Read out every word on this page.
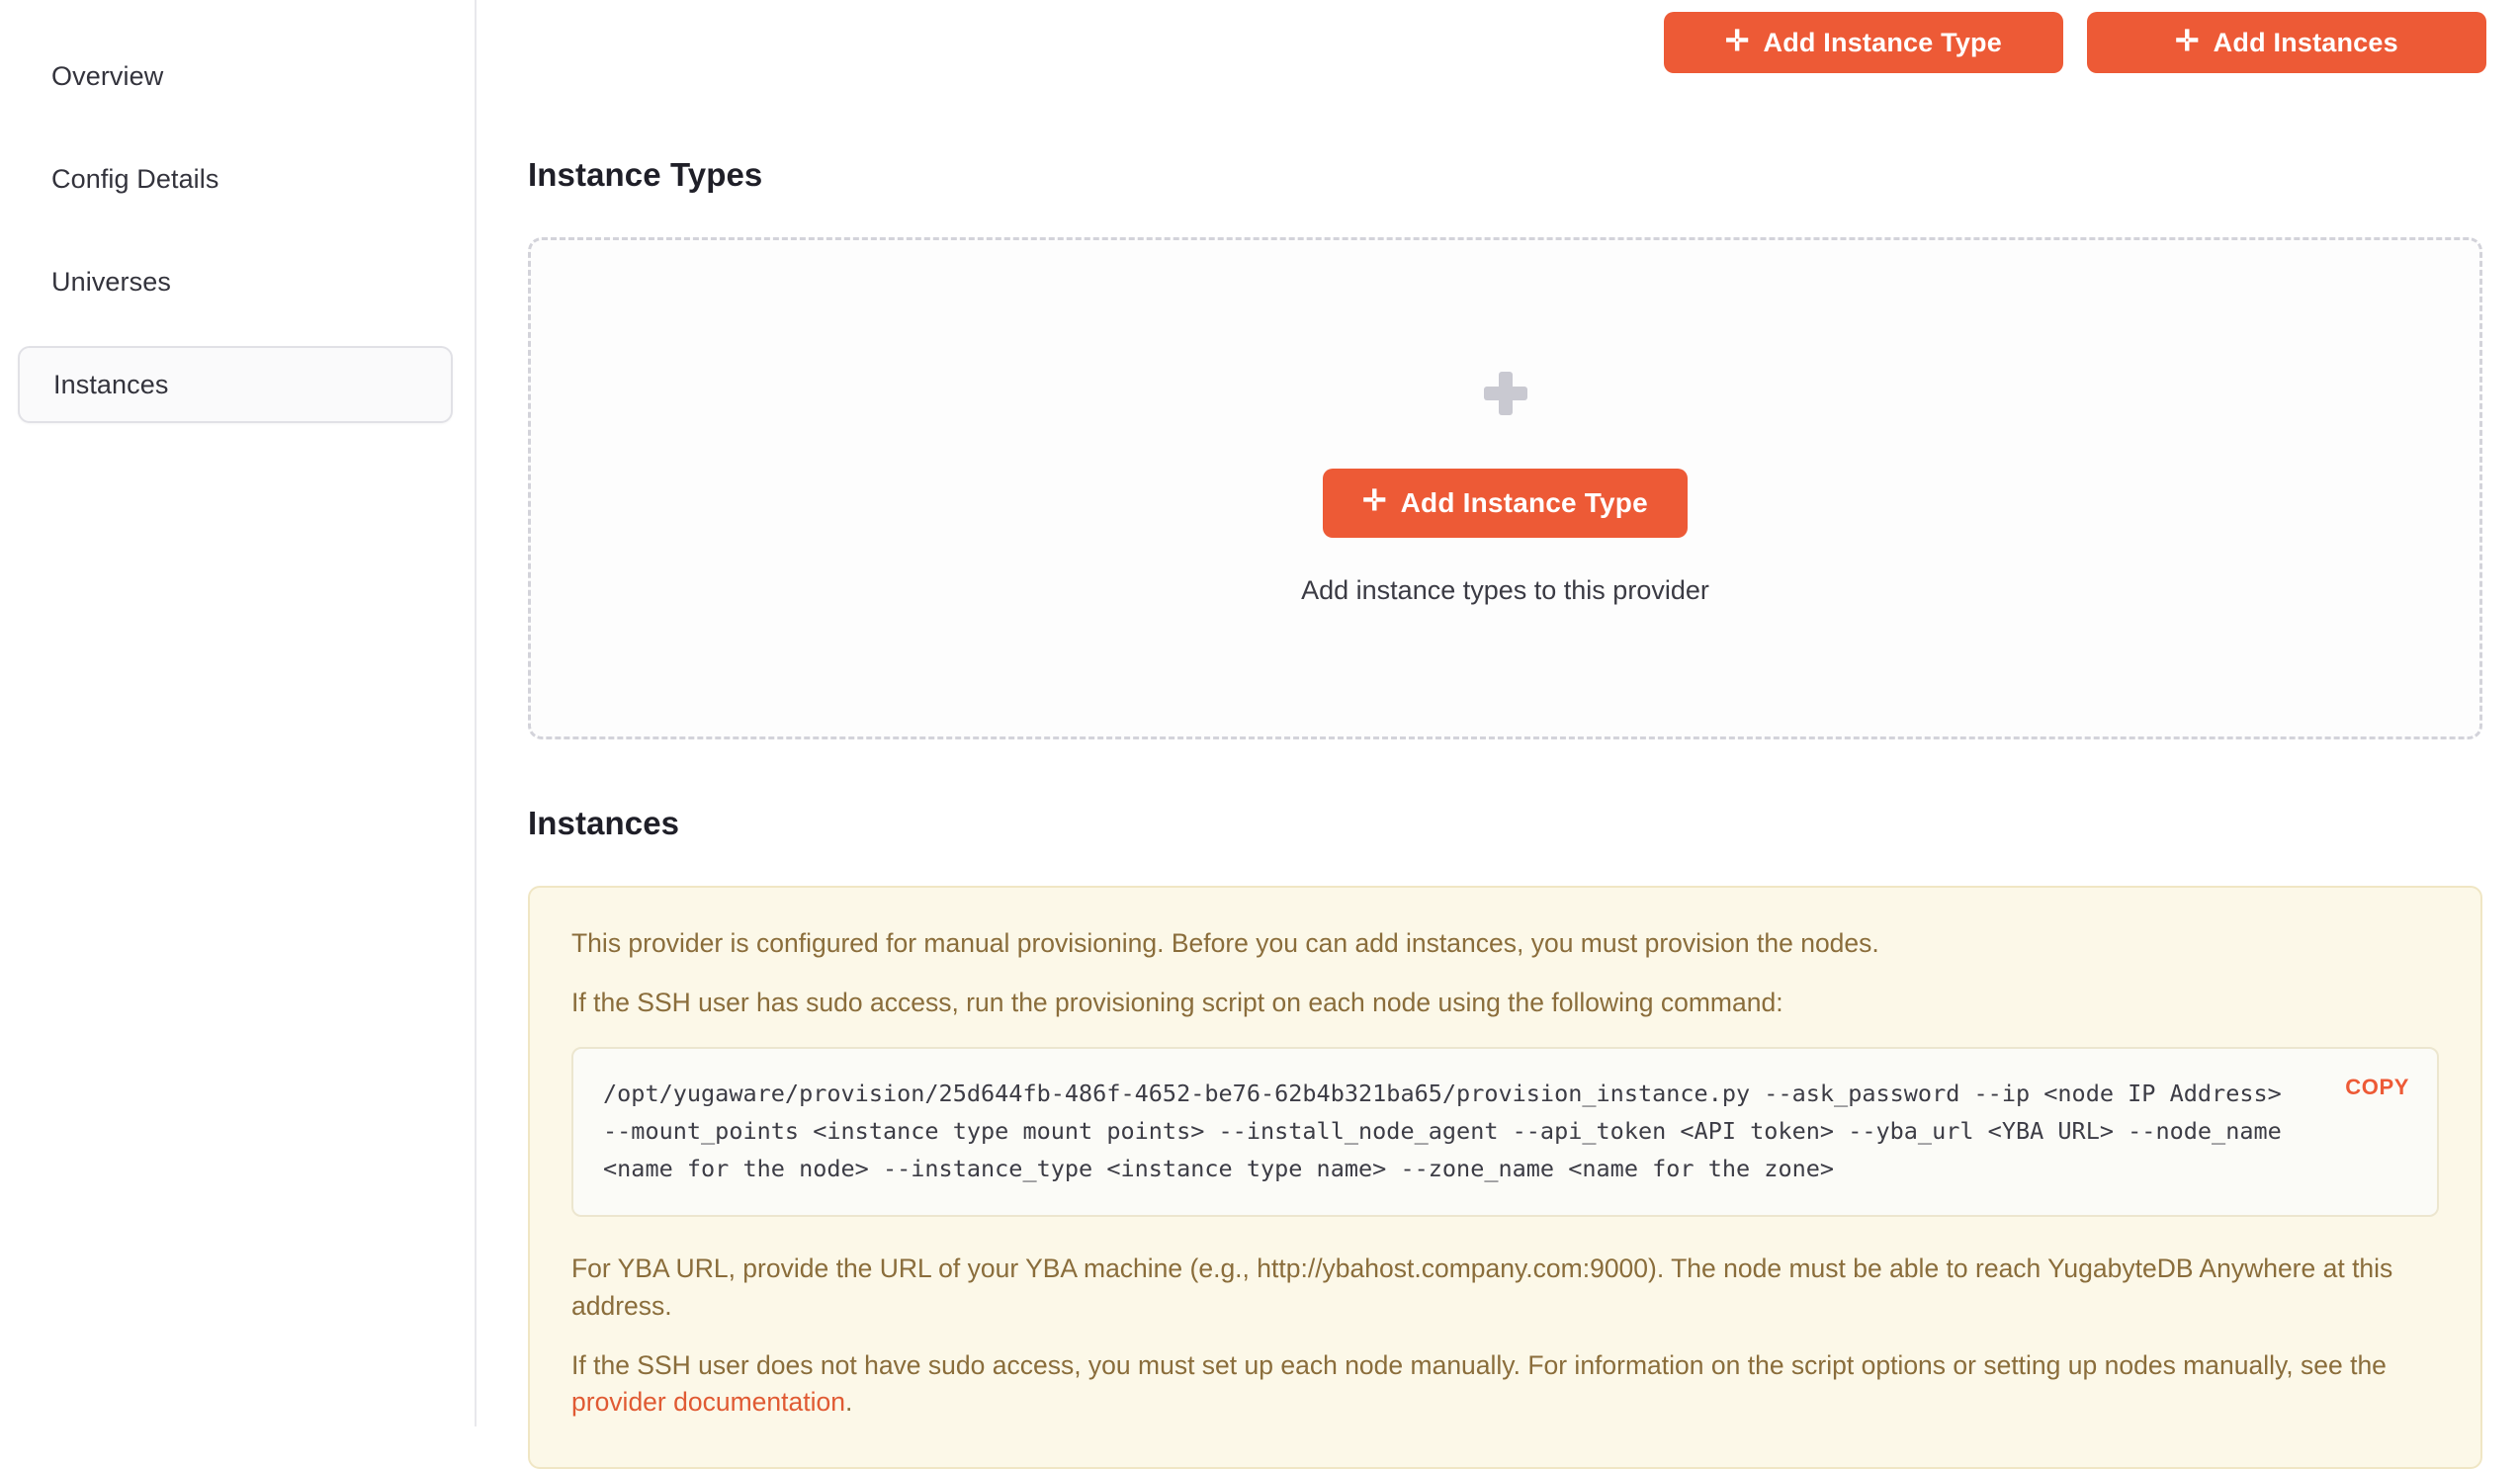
Overview
Config Details
Universes
Instances
✛ Add Instance Type	✛ Add Instances
Instance Types
✛ Add Instance Type
Add instance types to this provider
Instances

This provider is configured for manual provisioning. Before you can add instances, you must provision the nodes.

If the SSH user has sudo access, run the provisioning script on each node using the following command:

/opt/yugaware/provision/25d644fb-486f-4652-be76-62b4b321ba65/provision_instance.py --ask_password --ip <node IP Address> --mount_points <instance type mount points> --install_node_agent --api_token <API token> --yba_url <YBA URL> --node_name <name for the node> --instance_type <instance type name> --zone_name <name for the zone>
COPY

For YBA URL, provide the URL of your YBA machine (e.g., http://ybahost.company.com:9000). The node must be able to reach YugabyteDB Anywhere at this address.

If the SSH user does not have sudo access, you must set up each node manually. For information on the script options or setting up nodes manually, see the provider documentation.
